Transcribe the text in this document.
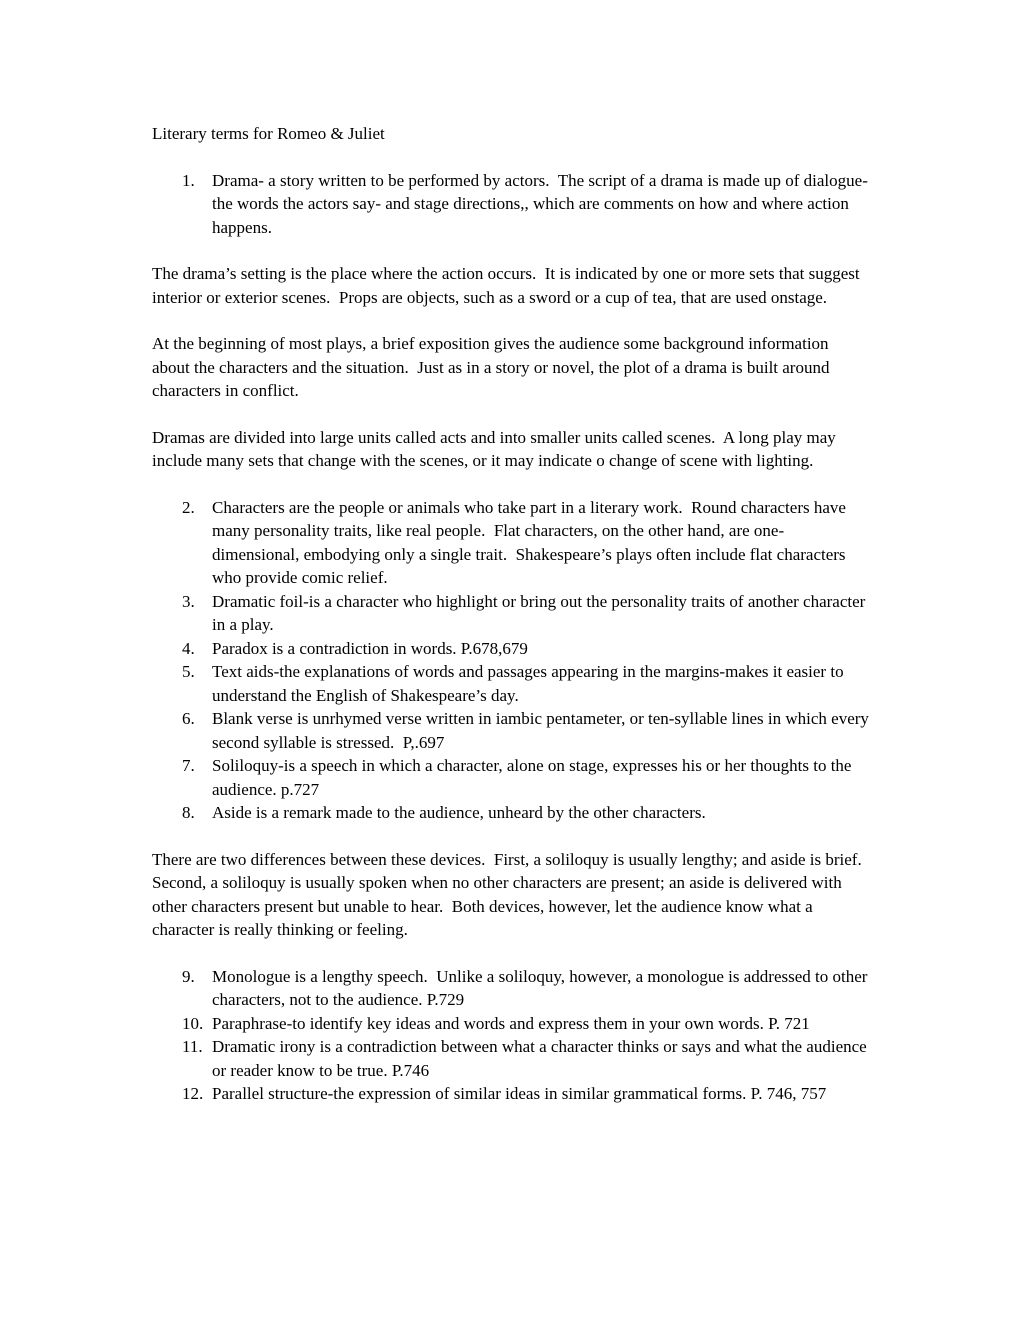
Literary terms for Romeo & Juliet
1.	Drama- a story written to be performed by actors.  The script of a drama is made up of dialogue- the words the actors say- and stage directions,, which are comments on how and where action happens.
The drama’s setting is the place where the action occurs.  It is indicated by one or more sets that suggest interior or exterior scenes.  Props are objects, such as a sword or a cup of tea, that are used onstage.
At the beginning of most plays, a brief exposition gives the audience some background information about the characters and the situation.  Just as in a story or novel, the plot of a drama is built around characters in conflict.
Dramas are divided into large units called acts and into smaller units called scenes.  A long play may include many sets that change with the scenes, or it may indicate o change of scene with lighting.
2.	Characters are the people or animals who take part in a literary work.  Round characters have many personality traits, like real people.  Flat characters, on the other hand, are one-dimensional, embodying only a single trait.  Shakespeare’s plays often include flat characters who provide comic relief.
3.	Dramatic foil-is a character who highlight or bring out the personality traits of another character in a play.
4.	Paradox is a contradiction in words. P.678,679
5.	Text aids-the explanations of words and passages appearing in the margins-makes it easier to understand the English of Shakespeare’s day.
6.	Blank verse is unrhymed verse written in iambic pentameter, or ten-syllable lines in which every second syllable is stressed.  P,.697
7.	Soliloquy-is a speech in which a character, alone on stage, expresses his or her thoughts to the audience. p.727
8.	Aside is a remark made to the audience, unheard by the other characters.
There are two differences between these devices.  First, a soliloquy is usually lengthy; and aside is brief.  Second, a soliloquy is usually spoken when no other characters are present; an aside is delivered with other characters present but unable to hear.  Both devices, however, let the audience know what a character is really thinking or feeling.
9.	Monologue is a lengthy speech.  Unlike a soliloquy, however, a monologue is addressed to other characters, not to the audience. P.729
10. Paraphrase-to identify key ideas and words and express them in your own words. P. 721
11. Dramatic irony is a contradiction between what a character thinks or says and what the audience or reader know to be true. P.746
12. Parallel structure-the expression of similar ideas in similar grammatical forms. P. 746, 757
